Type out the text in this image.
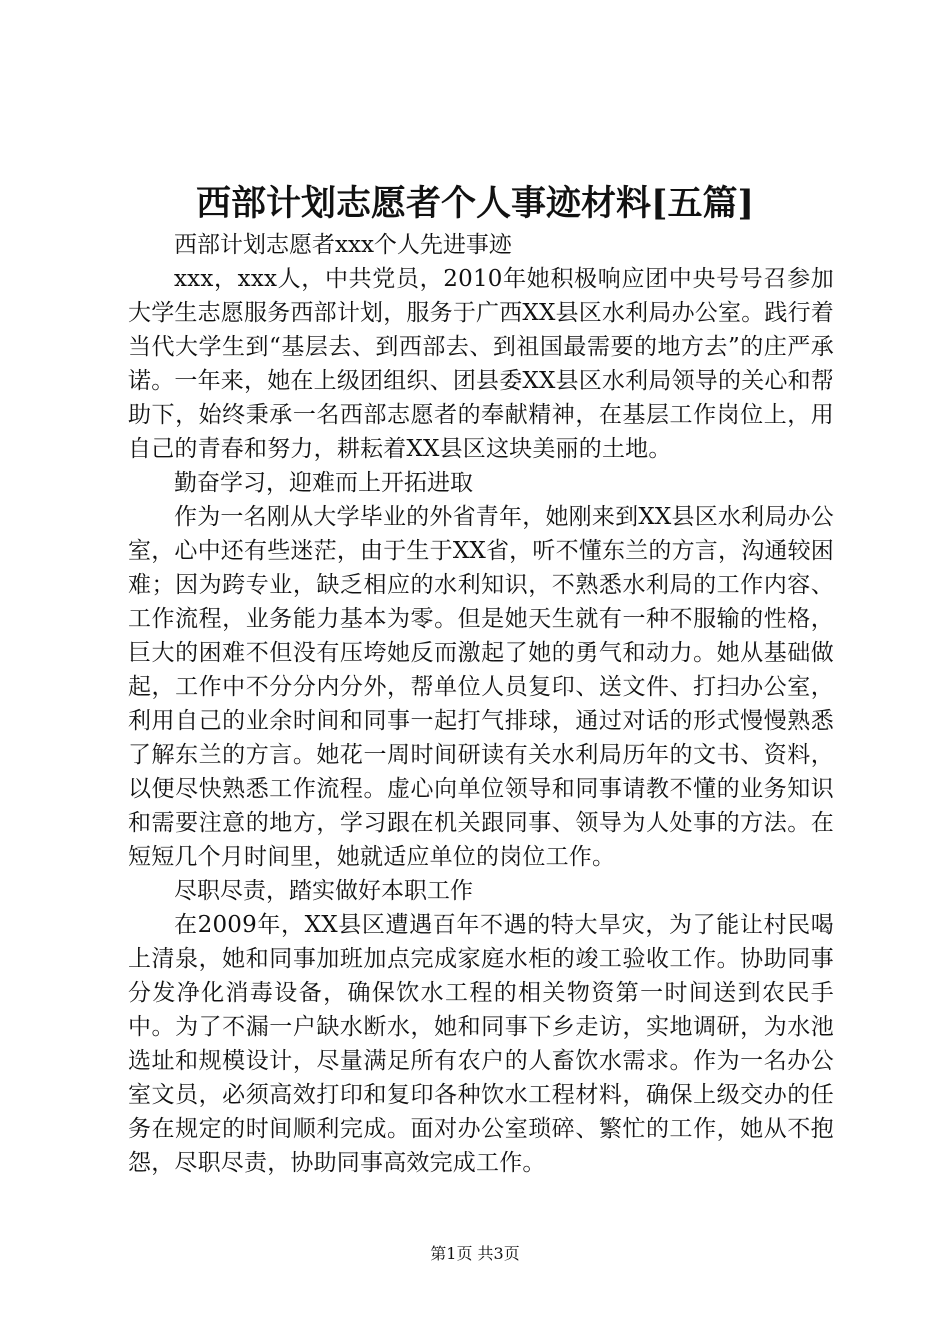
西部计划志愿者个人事迹材料[五篇]

西部计划志愿者xxx个人先进事迹

xxx，xxx人，中共党员，2010年她积极响应团中央号号召参加大学生志愿服务西部计划，服务于广西XX县区水利局办公室。践行着当代大学生到“基层去、到西部去、到祖国最需要的地方去”的庄严承诺。一年来，她在上级团组织、团县委XX县区水利局领导的关心和帮助下，始终秉承一名西部志愿者的奉献精神，在基层工作岗位上，用自己的青春和努力，耕耘着XX县区这块美丽的土地。

勤奋学习，迎难而上开拓进取

作为一名刚从大学毕业的外省青年，她刚来到XX县区水利局办公室，心中还有些迷茫，由于生于XX省，听不懂东兰的方言，沟通较困难；因为跨专业，缺乏相应的水利知识，不熟悉水利局的工作内容、工作流程，业务能力基本为零。但是她天生就有一种不服输的性格，巨大的困难不但没有压垮她反而激起了她的勇气和动力。她从基础做起，工作中不分分内分外，帮单位人员复印、送文件、打扫办公室，利用自己的业余时间和同事一起打气排球，通过对话的形式慢慢熟悉了解东兰的方言。她花一周时间研读有关水利局历年的文书、资料，以便尽快熟悉工作流程。虚心向单位领导和同事请教不懂的业务知识和需要注意的地方，学习跟在机关跟同事、领导为人处事的方法。在短短几个月时间里，她就适应单位的岗位工作。

尽职尽责，踏实做好本职工作

在2009年，XX县区遭遇百年不遇的特大旱灾，为了能让村民喝上清泉，她和同事加班加点完成家庭水柜的竣工验收工作。协助同事分发净化消毒设备，确保饮水工程的相关物资第一时间送到农民手中。为了不漏一户缺水断水，她和同事下乡走访，实地调研，为水池选址和规模设计，尽量满足所有农户的人畜饮水需求。作为一名办公室文员，必须高效打印和复印各种饮水工程材料，确保上级交办的任务在规定的时间顺利完成。面对办公室琐碎、繁忙的工作，她从不抱怨，尽职尽责，协助同事高效完成工作。

第1页 共3页
